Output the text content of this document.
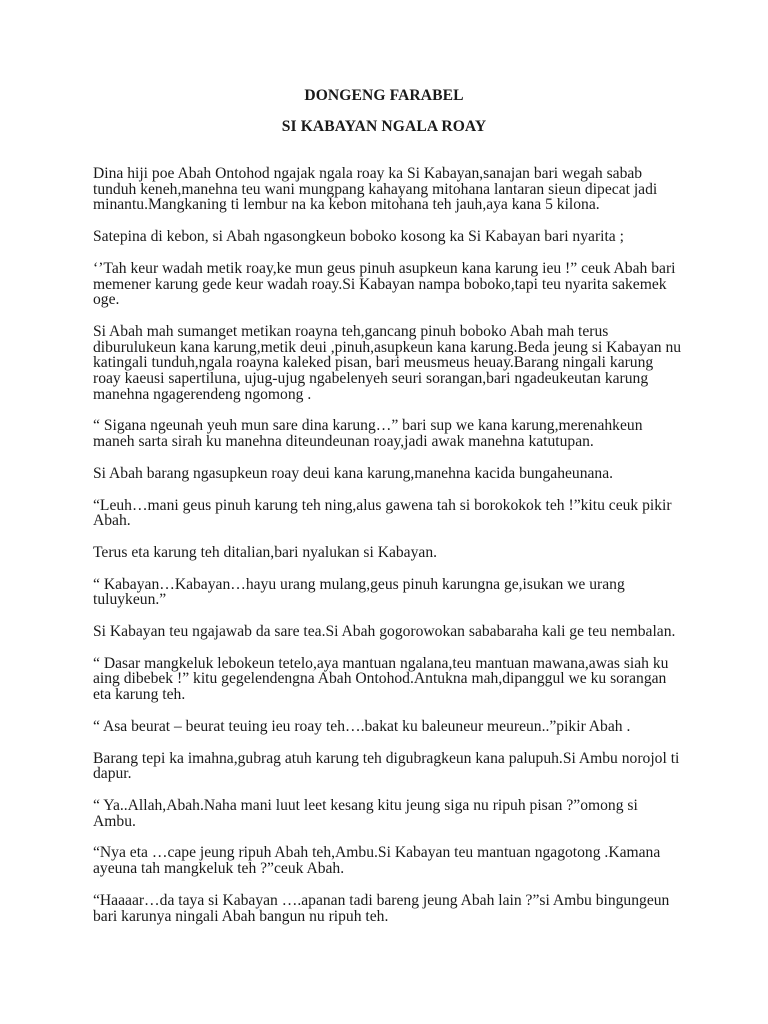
DONGENG FARABEL
SI KABAYAN NGALA ROAY

Dina hiji poe Abah Ontohod ngajak ngala roay ka Si Kabayan,sanajan bari wegah sabab tunduh keneh,manehna teu wani mungpang kahayang mitohana lantaran sieun dipecat jadi minantu.Mangkaning ti lembur na ka kebon mitohana teh jauh,aya kana 5 kilona.

Satepina di kebon, si Abah ngasongkeun boboko kosong ka Si Kabayan bari nyarita ;

‘’Tah keur wadah metik roay,ke mun geus pinuh asupkeun kana karung ieu !” ceuk Abah bari memener karung gede keur wadah roay.Si Kabayan nampa boboko,tapi teu nyarita sakemek oge.

Si Abah mah sumanget metikan roayna teh,gancang pinuh boboko Abah mah terus diburulukeun kana karung,metik deui ,pinuh,asupkeun kana karung.Beda jeung si Kabayan nu katingali tunduh,ngala roayna kaleked pisan, bari meusmeus heuay.Barang ningali karung roay kaeusi sapertiluna, ujug-ujug ngabelenyeh seuri sorangan,bari ngadeukeutan karung manehna ngagerendeng ngomong .

“ Sigana ngeunah yeuh mun sare dina karung…” bari sup we kana karung,merenahkeun maneh sarta sirah ku manehna diteundeunan roay,jadi awak manehna katutupan.

Si Abah barang ngasupkeun roay deui kana karung,manehna kacida bungaheunana.

“Leuh…mani geus pinuh karung teh ning,alus gawena tah si borokokok teh !”kitu ceuk pikir Abah.

Terus eta karung teh ditalian,bari nyalukan si Kabayan.

“ Kabayan…Kabayan…hayu urang mulang,geus pinuh karungna ge,isukan we urang tuluykeun.”

Si Kabayan teu ngajawab da sare tea.Si Abah gogorowokan sababaraha kali ge teu nembalan.

“ Dasar mangkeluk lebokeun tetelo,aya mantuan ngalana,teu mantuan mawana,awas siah ku aing dibebek !” kitu gegelendengna Abah Ontohod.Antukna mah,dipanggul we ku sorangan eta karung teh.

“ Asa beurat – beurat teuing ieu roay teh….bakat ku baleuneur meureun..”pikir Abah .

Barang tepi ka imahna,gubrag atuh karung teh digubragkeun kana palupuh.Si Ambu norojol ti dapur.

“ Ya..Allah,Abah.Naha mani luut leet kesang kitu jeung siga nu ripuh pisan ?”omong si Ambu.

“Nya eta …cape jeung ripuh Abah teh,Ambu.Si Kabayan teu mantuan ngagotong .Kamana ayeuna tah mangkeluk teh ?”ceuk Abah.

“Haaaar…da taya si Kabayan ….apanan tadi bareng jeung Abah lain ?”si Ambu bingungeun bari karunya ningali Abah bangun nu ripuh teh.
